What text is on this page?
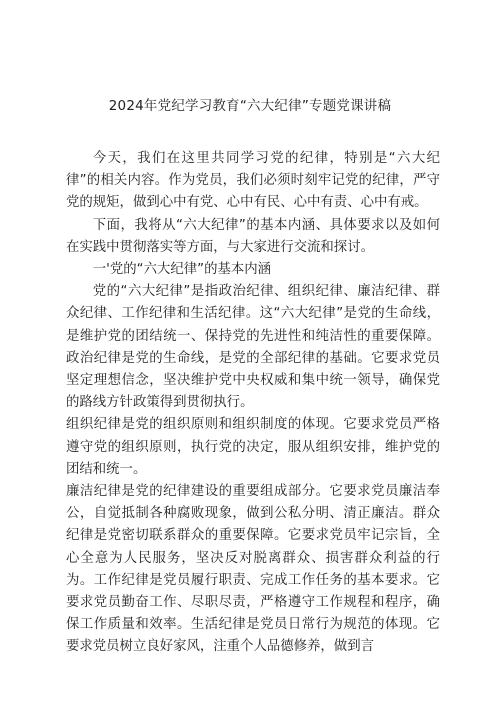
2024年党纪学习教育“六大纪律”专题党课讲稿

今天，我们在这里共同学习党的纪律，特别是“六大纪律”的相关内容。作为党员，我们必须时刻牢记党的纪律，严守党的规矩，做到心中有党、心中有民、心中有责、心中有戒。

下面，我将从“六大纪律”的基本内涵、具体要求以及如何在实践中贯彻落实等方面，与大家进行交流和探讨。

一'党的“六大纪律”的基本内涵

党的“六大纪律”是指政治纪律、组织纪律、廉洁纪律、群众纪律、工作纪律和生活纪律。这“六大纪律”是党的生命线，是维护党的团结统一、保持党的先进性和纯洁性的重要保障。政治纪律是党的生命线，是党的全部纪律的基础。它要求党员坚定理想信念，坚决维护党中央权威和集中统一领导，确保党的路线方针政策得到贯彻执行。

组织纪律是党的组织原则和组织制度的体现。它要求党员严格遵守党的组织原则，执行党的决定，服从组织安排，维护党的团结和统一。

廉洁纪律是党的纪律建设的重要组成部分。它要求党员廉洁奉公，自觉抵制各种腐败现象，做到公私分明、清正廉洁。群众纪律是党密切联系群众的重要保障。它要求党员牢记宗旨，全心全意为人民服务，坚决反对脱离群众、损害群众利益的行为。工作纪律是党员履行职责、完成工作任务的基本要求。它要求党员勤奋工作、尽职尽责，严格遵守工作规程和程序，确保工作质量和效率。生活纪律是党员日常行为规范的体现。它要求党员树立良好家风，注重个人品德修养，做到言
